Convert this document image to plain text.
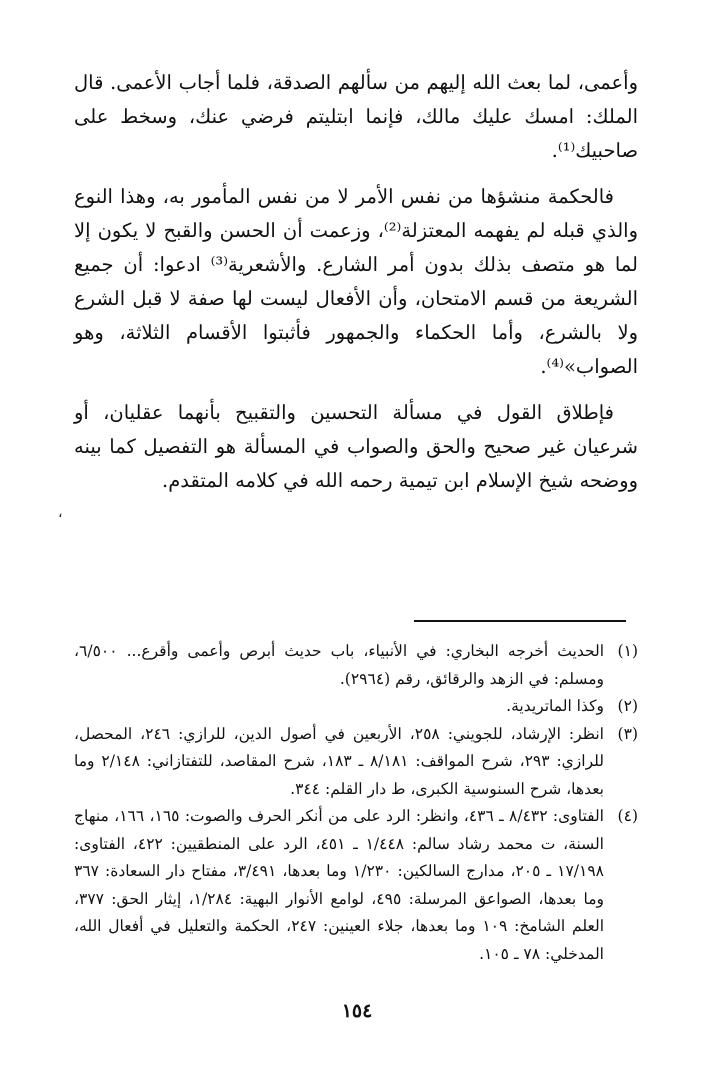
وأعمى، لما بعث الله إليهم من سألهم الصدقة، فلما أجاب الأعمى. قال الملك: امسك عليك مالك، فإنما ابتليتم فرضي عنك، وسخط على صاحبيك⁽¹⁾.

فالحكمة منشؤها من نفس الأمر لا من نفس المأمور به، وهذا النوع والذي قبله لم يفهمه المعتزلة⁽²⁾، وزعمت أن الحسن والقبح لا يكون إلا لما هو متصف بذلك بدون أمر الشارع. والأشعرية⁽³⁾ ادعوا: أن جميع الشريعة من قسم الامتحان، وأن الأفعال ليست لها صفة لا قبل الشرع ولا بالشرع، وأما الحكماء والجمهور فأثبتوا الأقسام الثلاثة، وهو الصواب»⁽⁴⁾.

فإطلاق القول في مسألة التحسين والتقبيح بأنهما عقليان، أو شرعيان غير صحيح والحق والصواب في المسألة هو التفصيل كما بينه ووضحه شيخ الإسلام ابن تيمية رحمه الله في كلامه المتقدم.

،
(١)
الحديث أخرجه البخاري: في الأنبياء، باب حديث أبرص وأعمى وأقرع... ٦/٥٠٠، ومسلم: في الزهد والرقائق، رقم (٢٩٦٤).
(٢)
وكذا الماتريدية.
(٣)
انظر: الإرشاد، للجويني: ٢٥٨، الأربعين في أصول الدين، للرازي: ٢٤٦، المحصل، للرازي: ٢٩٣، شرح المواقف: ٨/١٨١ ـ ١٨٣، شرح المقاصد، للتفتازاني: ٢/١٤٨ وما بعدها، شرح السنوسية الكبرى، ط دار القلم: ٣٤٤.
(٤)
الفتاوى: ٨/٤٣٢ ـ ٤٣٦، وانظر: الرد على من أنكر الحرف والصوت: ١٦٥، ١٦٦، منهاج السنة، ت محمد رشاد سالم: ١/٤٤٨ ـ ٤٥١، الرد على المنطقيين: ٤٢٢، الفتاوى: ١٧/١٩٨ ـ ٢٠٥، مدارج السالكين: ١/٢٣٠ وما بعدها، ٣/٤٩١، مفتاح دار السعادة: ٣٦٧ وما بعدها، الصواعق المرسلة: ٤٩٥، لوامع الأنوار البهية: ١/٢٨٤، إيثار الحق: ٣٧٧، العلم الشامخ: ١٠٩ وما بعدها، جلاء العينين: ٢٤٧، الحكمة والتعليل في أفعال الله، المدخلي: ٧٨ ـ ١٠٥.
١٥٤
